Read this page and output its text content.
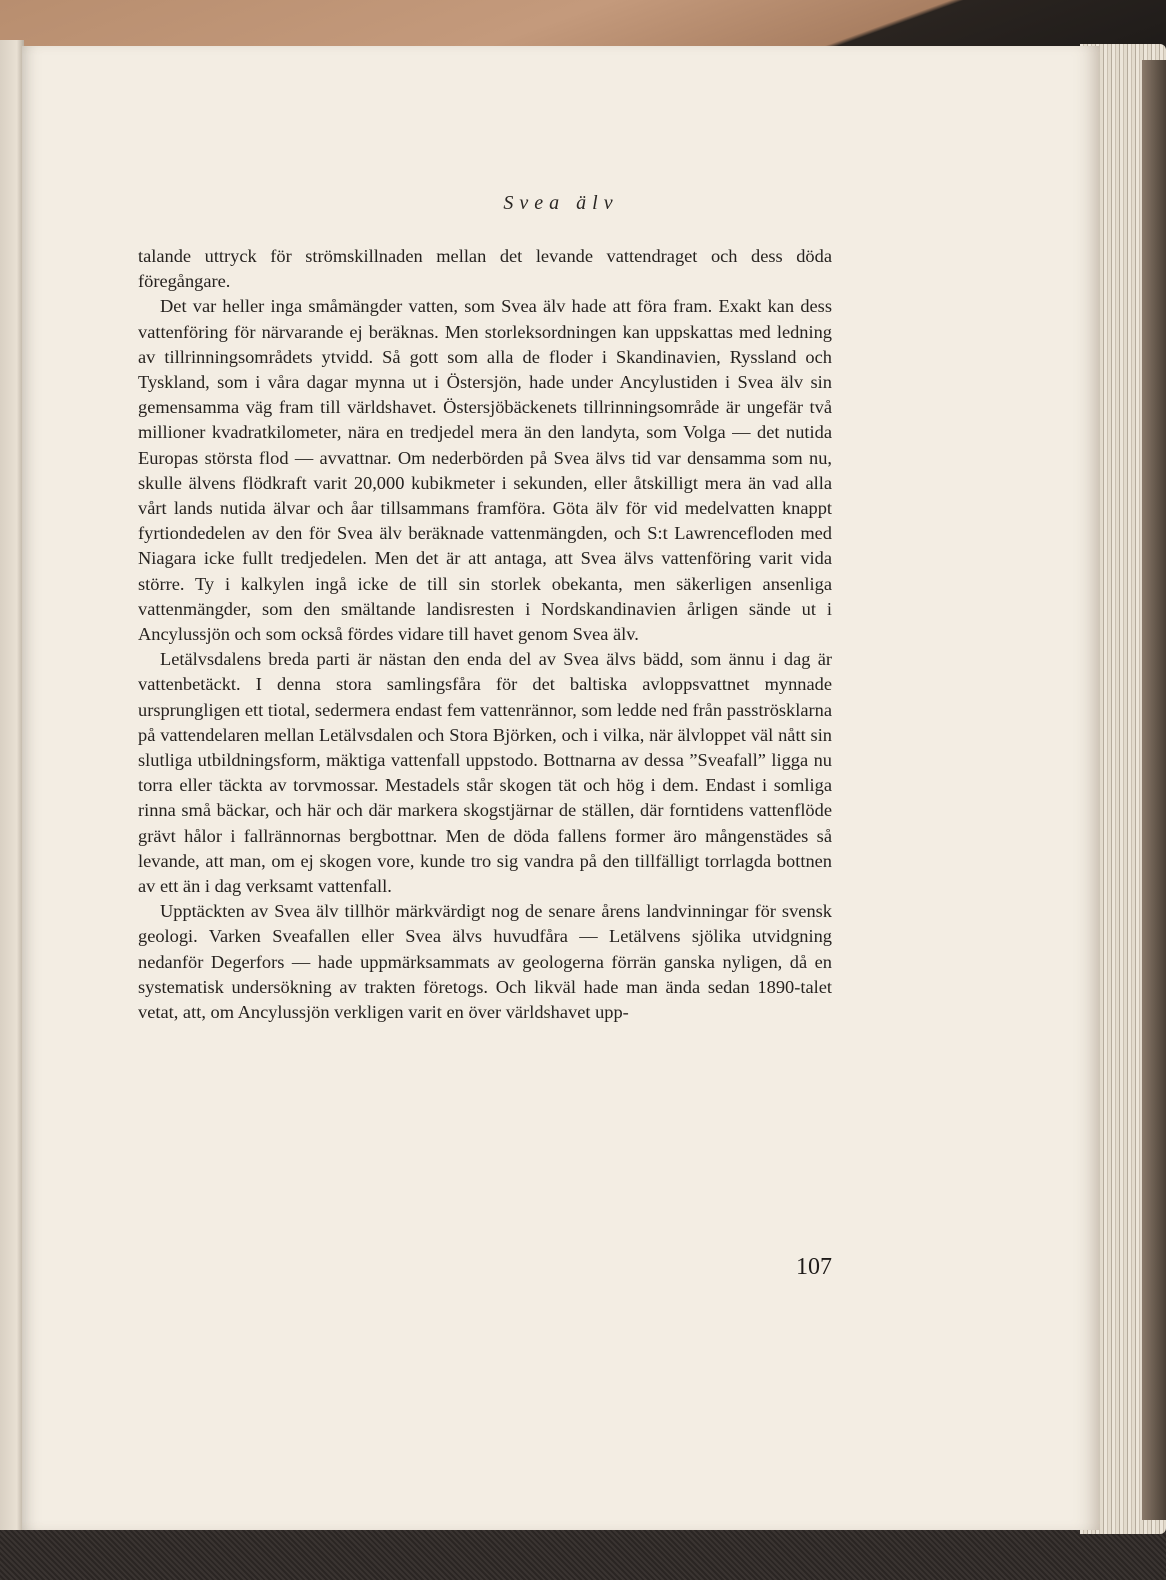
Svea älv

talande uttryck för strömskillnaden mellan det levande vattendraget och dess döda föregångare.

Det var heller inga småmängder vatten, som Svea älv hade att föra fram. Exakt kan dess vattenföring för närvarande ej beräknas. Men storleksordningen kan uppskattas med ledning av tillrinningsområdets ytvidd. Så gott som alla de floder i Skandinavien, Ryssland och Tyskland, som i våra dagar mynna ut i Östersjön, hade under Ancylustiden i Svea älv sin gemensamma väg fram till världshavet. Östersjöbäckenets tillrinningsområde är ungefär två millioner kvadratkilometer, nära en tredjedel mera än den landyta, som Volga — det nutida Europas största flod — avvattnar. Om nederbörden på Svea älvs tid var densamma som nu, skulle älvens flödkraft varit 20,000 kubikmeter i sekunden, eller åtskilligt mera än vad alla vårt lands nutida älvar och åar tillsammans framföra. Göta älv för vid medelvatten knappt fyrtiondedelen av den för Svea älv beräknade vattenmängden, och S:t Lawrencefloden med Niagara icke fullt tredjedelen. Men det är att antaga, att Svea älvs vattenföring varit vida större. Ty i kalkylen ingå icke de till sin storlek obekanta, men säkerligen ansenliga vattenmängder, som den smältande landisresten i Nordskandinavien årligen sände ut i Ancylussjön och som också fördes vidare till havet genom Svea älv.

Letälvsdalens breda parti är nästan den enda del av Svea älvs bädd, som ännu i dag är vattenbetäckt. I denna stora samlingsfåra för det baltiska avloppsvattnet mynnade ursprungligen ett tiotal, sedermera endast fem vattenrännor, som ledde ned från pasströsklarna på vattendelaren mellan Letälvsdalen och Stora Björken, och i vilka, när älvloppet väl nått sin slutliga utbildningsform, mäktiga vattenfall uppstodo. Bottnarna av dessa ”Sveafall” ligga nu torra eller täckta av torvmossar. Mestadels står skogen tät och hög i dem. Endast i somliga rinna små bäckar, och här och där markera skogstjärnar de ställen, där forntidens vattenflöde grävt hålor i fallrännornas bergbottnar. Men de döda fallens former äro mångenstädes så levande, att man, om ej skogen vore, kunde tro sig vandra på den tillfälligt torrlagda bottnen av ett än i dag verksamt vattenfall.

Upptäckten av Svea älv tillhör märkvärdigt nog de senare årens landvinningar för svensk geologi. Varken Sveafallen eller Svea älvs huvudfåra — Letälvens sjölika utvidgning nedanför Degerfors — hade uppmärksammats av geologerna förrän ganska nyligen, då en systematisk undersökning av trakten företogs. Och likväl hade man ända sedan 1890-talet vetat, att, om Ancylussjön verkligen varit en över världshavet upp-

107
